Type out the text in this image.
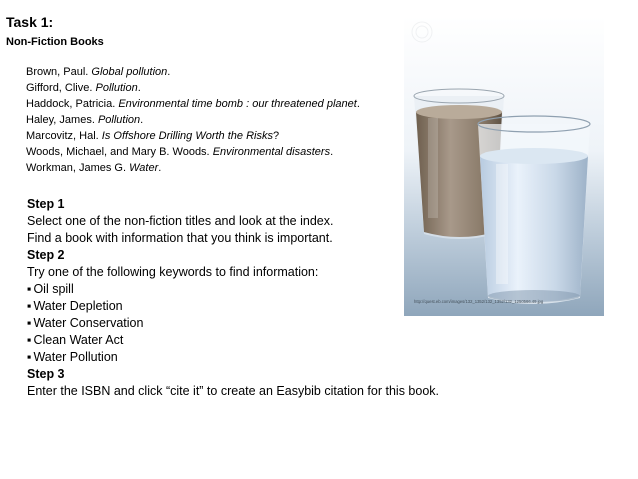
Task 1:
Non-Fiction Books
Brown, Paul. Global pollution.
Gifford, Clive. Pollution.
Haddock, Patricia. Environmental time bomb : our threatened planet.
Haley, James. Pollution.
Marcovitz, Hal. Is Offshore Drilling Worth the Risks?
Woods, Michael, and Mary B. Woods. Environmental disasters.
Workman, James G. Water.
Step 1
Select one of the non-fiction titles and look at the index.
Find a book with information that you think is important.
Step 2
Try one of the following keywords to find information:
▪ Oil spill
▪ Water Depletion
▪ Water Conservation
▪ Clean Water Act
▪ Water Pollution
Step 3
Enter the ISBN and click “cite it” to create an Easybib citation for this book.
http://quest.eb.com/images/132_1352/132_1352/132_1250566.49.jpg
